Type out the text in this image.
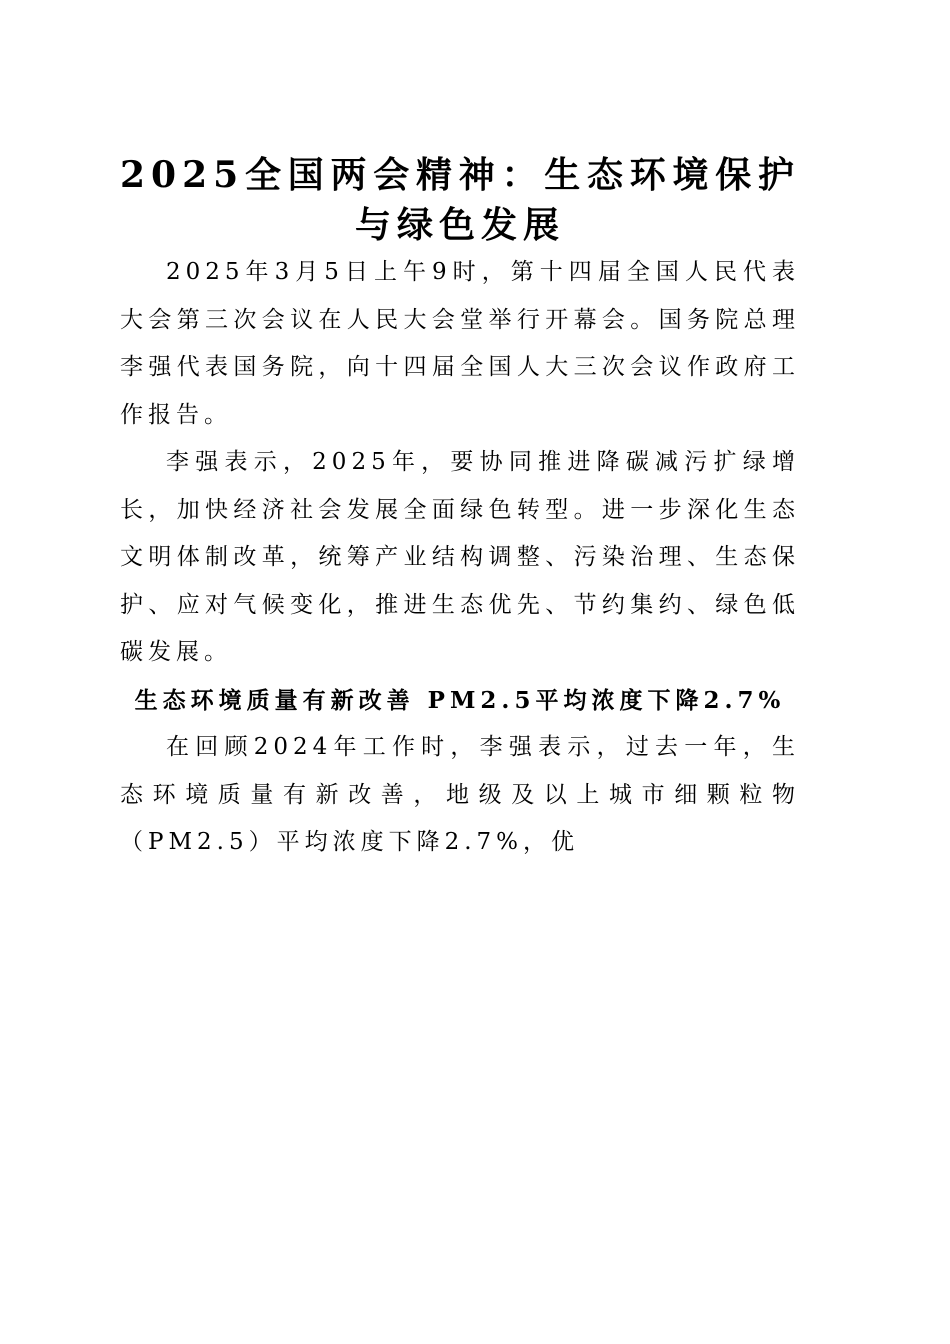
2025全国两会精神：生态环境保护与绿色发展

2025年3月5日上午9时，第十四届全国人民代表大会第三次会议在人民大会堂举行开幕会。国务院总理李强代表国务院，向十四届全国人大三次会议作政府工作报告。

李强表示，2025年，要协同推进降碳减污扩绿增长，加快经济社会发展全面绿色转型。进一步深化生态文明体制改革，统筹产业结构调整、污染治理、生态保护、应对气候变化，推进生态优先、节约集约、绿色低碳发展。

生态环境质量有新改善 PM2.5平均浓度下降2.7%

在回顾2024年工作时，李强表示，过去一年，生态环境质量有新改善，地级及以上城市细颗粒物（PM2.5）平均浓度下降2.7%，优
